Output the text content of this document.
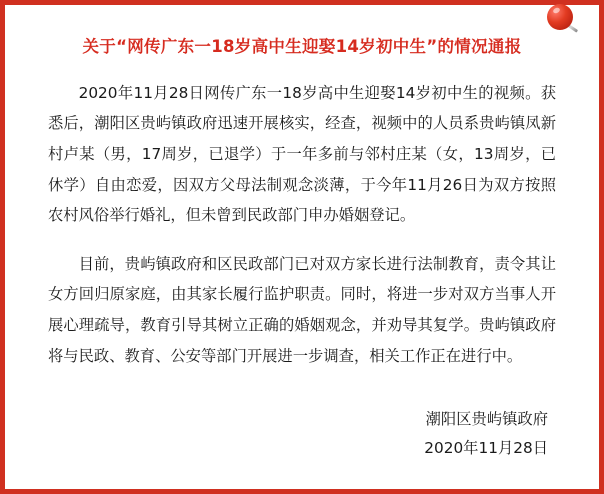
关于“网传广东一18岁高中生迎娶14岁初中生”的情况通报

2020年11月28日网传广东一18岁高中生迎娶14岁初中生的视频。获悉后，潮阳区贵屿镇政府迅速开展核实，经查，视频中的人员系贵屿镇凤新村卢某（男，17周岁，已退学）于一年多前与邻村庄某（女，13周岁，已休学）自由恋爱，因双方父母法制观念淡薄，于今年11月26日为双方按照农村风俗举行婚礼，但未曾到民政部门申办婚姻登记。

目前，贵屿镇政府和区民政部门已对双方家长进行法制教育，责令其让女方回归原家庭，由其家长履行监护职责。同时，将进一步对双方当事人开展心理疏导，教育引导其树立正确的婚姻观念，并劝导其复学。贵屿镇政府将与民政、教育、公安等部门开展进一步调查，相关工作正在进行中。

潮阳区贵屿镇政府
2020年11月28日
